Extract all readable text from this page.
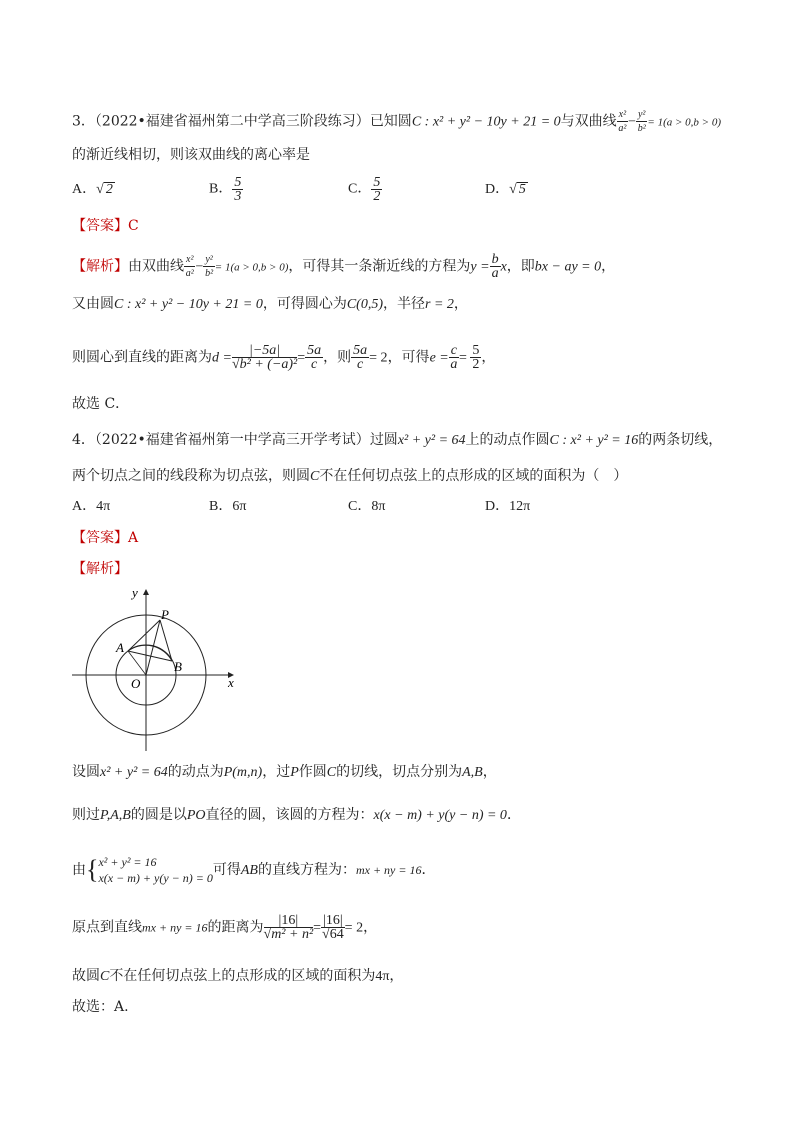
3．（2022•福建省福州第二中学高三阶段练习）已知圆C : x² + y² − 10y + 21 = 0与双曲线 $\frac{\text{x²}}{\text{a²}} - \frac{\text{y²}}{\text{b²}} = 1(a > 0,b > 0)$
的渐近线相切，则该双曲线的离心率是
A．√ 2	B． $\frac{5}{3}$	C． $\frac{5}{2}$	D．√ 5
【答案】C
【解析】由双曲线 $\frac{\text{x²}}{\text{a²}} - \frac{\text{y²}}{\text{b²}} = 1(a > 0,b > 0)$，可得其一条渐近线的方程为$y = \frac{b}{a}$ x，即bx − ay = 0，
又由圆C : x² + y² − 10y + 21 = 0，可得圆心为C(0,5)，半径r = 2，
则圆心到直线的距离为$d = \frac{|-5a|}{\text{√b² + (−a)²}} = \frac{5a}{c}$ ，则 $\frac{5a}{c} = 2$，可得$e = \frac{c}{a} = \frac{5}{2}$ ，
故选 C．
4．（2022•福建省福州第一中学高三开学考试）过圆x² + y² = 64上的动点作圆C : x² + y² = 16的两条切线，
两个切点之间的线段称为切点弦，则圆C不在任何切点弦上的点形成的区域的面积为（　）
A．4π	B．6π	C．8π	D．12π
【答案】A
【解析】
y
x
O
P
A
B
设圆x² + y² = 64的动点为P(m,n)，过P作圆C的切线，切点分别为A,B，
则过P,A,B的圆是以PO直径的圆，该圆的方程为：x(x − m) + y(y − n) = 0．
由{ x² + y² = 16
x(x − m) + y(y − n) = 0 可得AB的直线方程为：mx + ny = 16．
原点到直线mx + ny = 16的距离为 $\frac{|16|}{\text{√m² + n²}} = \frac{|16|}{√64} = 2$，
故圆C不在任何切点弦上的点形成的区域的面积为4π，
故选：A.
